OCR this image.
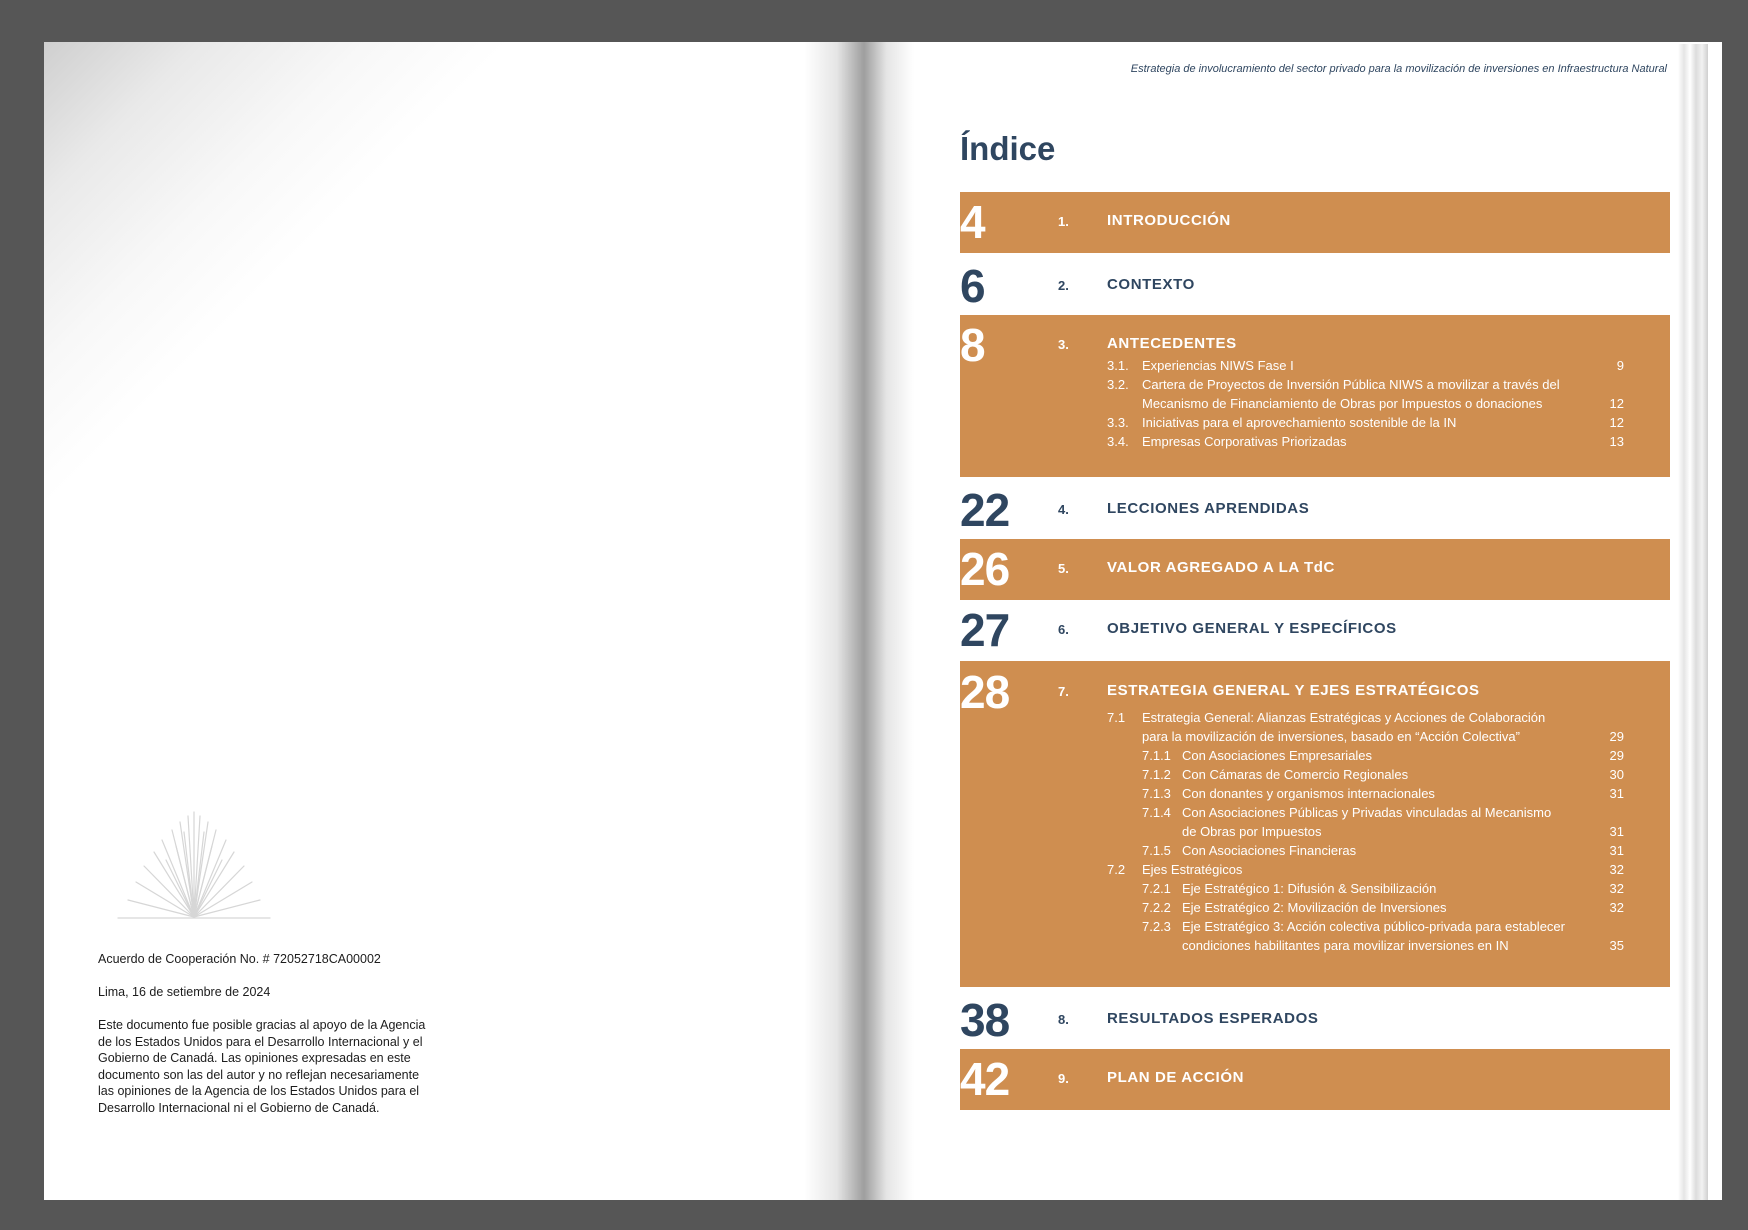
Acuerdo de Cooperación No. # 72052718CA00002
Lima, 16 de setiembre de 2024
Este documento fue posible gracias al apoyo de la Agencia de los Estados Unidos para el Desarrollo Internacional y el Gobierno de Canadá. Las opiniones expresadas en este documento son las del autor y no reflejan necesariamente las opiniones de la Agencia de los Estados Unidos para el Desarrollo Internacional ni el Gobierno de Canadá.
Estrategia de involucramiento del sector privado para la movilización de inversiones en Infraestructura Natural
Índice
4	1.	INTRODUCCIÓN
6	2.	CONTEXTO
8	3.	ANTECEDENTES
3.1. Experiencias NIWS Fase I	9
3.2. Cartera de Proyectos de Inversión Pública NIWS a movilizar a través del
Mecanismo de Financiamiento de Obras por Impuestos o donaciones	12
3.3. Iniciativas para el aprovechamiento sostenible de la IN	12
3.4. Empresas Corporativas Priorizadas	13
22	4.	LECCIONES APRENDIDAS
26	5.	VALOR AGREGADO A LA TdC
27	6.	OBJETIVO GENERAL Y ESPECÍFICOS
28	7.	ESTRATEGIA GENERAL Y EJES ESTRATÉGICOS
7.1 Estrategia General: Alianzas Estratégicas y Acciones de Colaboración
para la movilización de inversiones, basado en “Acción Colectiva”	29
7.1.1 Con Asociaciones Empresariales	29
7.1.2 Con Cámaras de Comercio Regionales	30
7.1.3 Con donantes y organismos internacionales	31
7.1.4 Con Asociaciones Públicas y Privadas vinculadas al Mecanismo
de Obras por Impuestos	31
7.1.5 Con Asociaciones Financieras	31
7.2 Ejes Estratégicos	32
7.2.1 Eje Estratégico 1: Difusión & Sensibilización	32
7.2.2 Eje Estratégico 2: Movilización de Inversiones	32
7.2.3 Eje Estratégico 3: Acción colectiva público-privada para establecer
condiciones habilitantes para movilizar inversiones en IN	35
38	8.	RESULTADOS ESPERADOS
42	9.	PLAN DE ACCIÓN
